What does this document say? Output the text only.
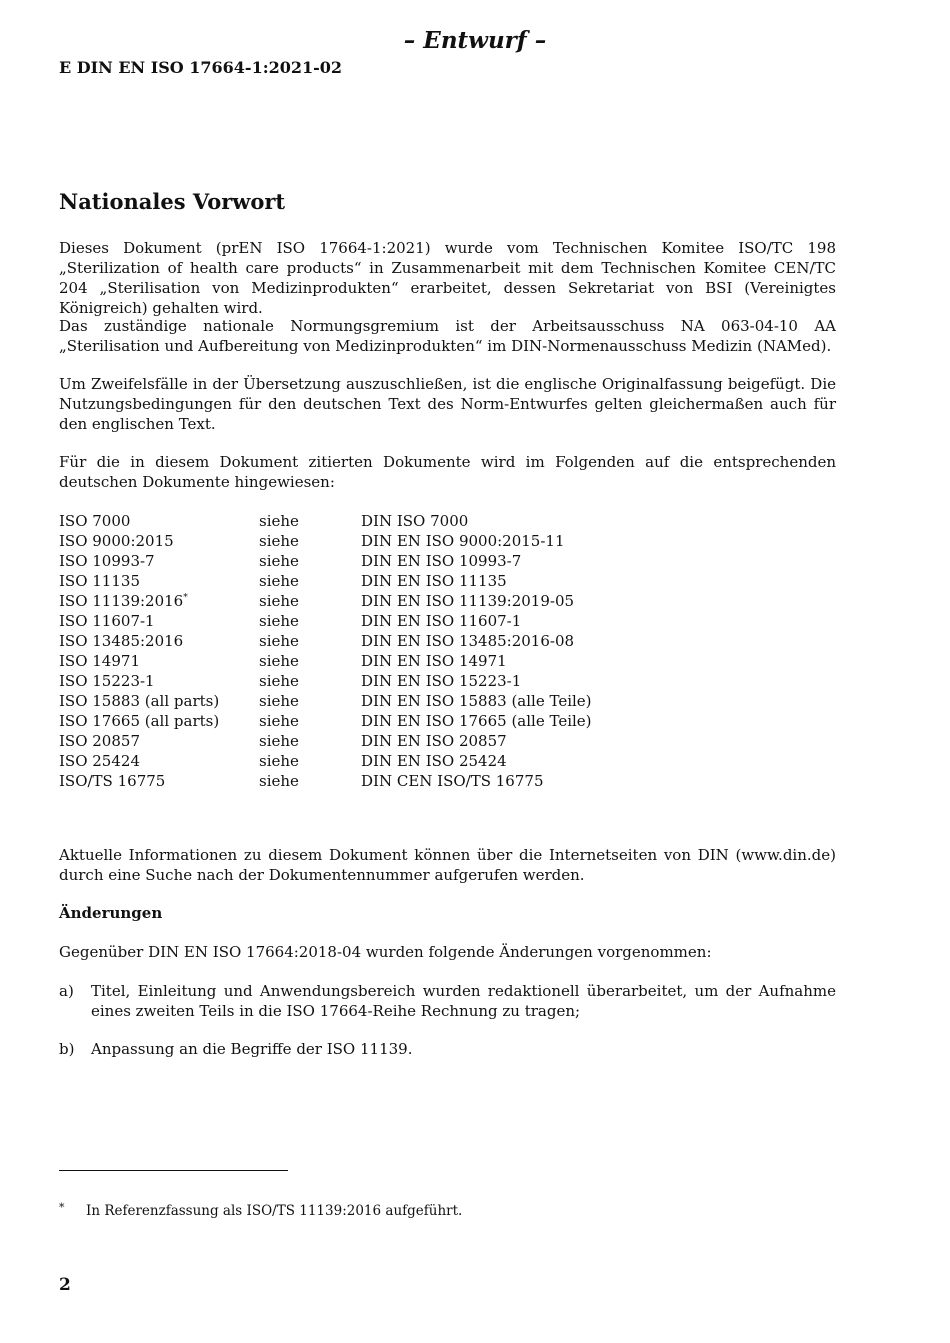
– Entwurf –
E DIN EN ISO 17664-1:2021-02
Nationales Vorwort
Dieses Dokument (prEN ISO 17664-1:2021) wurde vom Technischen Komitee ISO/TC 198 „Sterilization of health care products“ in Zusammenarbeit mit dem Technischen Komitee CEN/TC 204 „Sterilisation von Medizinprodukten“ erarbeitet, dessen Sekretariat von BSI (Vereinigtes Königreich) gehalten wird.
Das zuständige nationale Normungsgremium ist der Arbeitsausschuss NA 063-04-10 AA „Sterilisation und Aufbereitung von Medizinprodukten“ im DIN-Normenausschuss Medizin (NAMed).
Um Zweifelsfälle in der Übersetzung auszuschließen, ist die englische Originalfassung beigefügt. Die Nutzungsbedingungen für den deutschen Text des Norm-Entwurfes gelten gleichermaßen auch für den englischen Text.
Für die in diesem Dokument zitierten Dokumente wird im Folgenden auf die entsprechenden deutschen Dokumente hingewiesen:
ISO 7000	siehe	DIN ISO 7000
ISO 9000:2015	siehe	DIN EN ISO 9000:2015-11
ISO 10993-7	siehe	DIN EN ISO 10993-7
ISO 11135	siehe	DIN EN ISO 11135
ISO 11139:2016*	siehe	DIN EN ISO 11139:2019-05
ISO 11607-1	siehe	DIN EN ISO 11607-1
ISO 13485:2016	siehe	DIN EN ISO 13485:2016-08
ISO 14971	siehe	DIN EN ISO 14971
ISO 15223-1	siehe	DIN EN ISO 15223-1
ISO 15883 (all parts)	siehe	DIN EN ISO 15883 (alle Teile)
ISO 17665 (all parts)	siehe	DIN EN ISO 17665 (alle Teile)
ISO 20857	siehe	DIN EN ISO 20857
ISO 25424	siehe	DIN EN ISO 25424
ISO/TS 16775	siehe	DIN CEN ISO/TS 16775
Aktuelle Informationen zu diesem Dokument können über die Internetseiten von DIN (www.din.de) durch eine Suche nach der Dokumentennummer aufgerufen werden.
Änderungen
Gegenüber DIN EN ISO 17664:2018-04 wurden folgende Änderungen vorgenommen:
a) Titel, Einleitung und Anwendungsbereich wurden redaktionell überarbeitet, um der Aufnahme eines zweiten Teils in die ISO 17664-Reihe Rechnung zu tragen;
b) Anpassung an die Begriffe der ISO 11139.
* In Referenzfassung als ISO/TS 11139:2016 aufgeführt.
2
